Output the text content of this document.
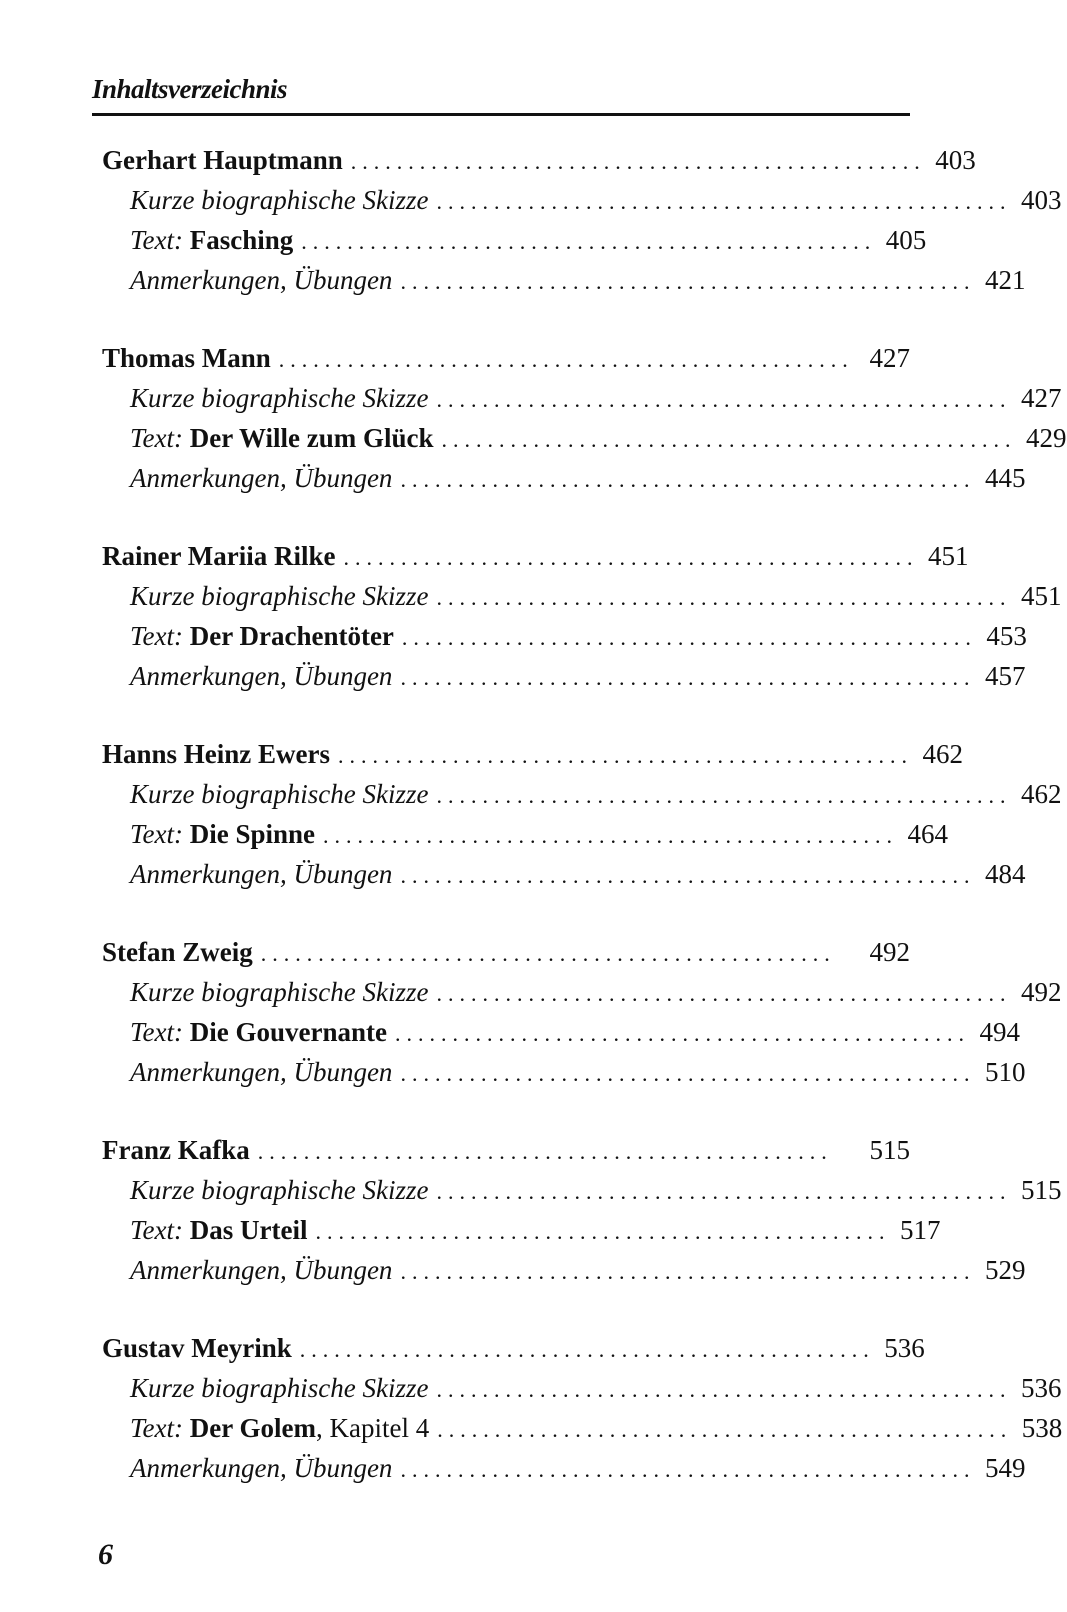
Inhaltsverzeichnis
Gerhart Hauptmann .................................................. 403
Kurze biographische Skizze .................................................. 403
Text: Fasching .................................................. 405
Anmerkungen, Übungen .................................................. 421
Thomas Mann .................................................. 427
Kurze biographische Skizze .................................................. 427
Text: Der Wille zum Glück .................................................. 429
Anmerkungen, Übungen .................................................. 445
Rainer Mariia Rilke .................................................. 451
Kurze biographische Skizze .................................................. 451
Text: Der Drachentöter .................................................. 453
Anmerkungen, Übungen .................................................. 457
Hanns Heinz Ewers .................................................. 462
Kurze biographische Skizze .................................................. 462
Text: Die Spinne .................................................. 464
Anmerkungen, Übungen .................................................. 484
Stefan Zweig ..................................................	492
Kurze biographische Skizze .................................................. 492
Text: Die Gouvernante .................................................. 494
Anmerkungen, Übungen .................................................. 510
Franz Kafka ..................................................	515
Kurze biographische Skizze .................................................. 515
Text: Das Urteil .................................................. 517
Anmerkungen, Übungen .................................................. 529
Gustav Meyrink .................................................. 536
Kurze biographische Skizze .................................................. 536
Text: Der Golem, Kapitel 4 .................................................. 538
Anmerkungen, Übungen .................................................. 549
6
